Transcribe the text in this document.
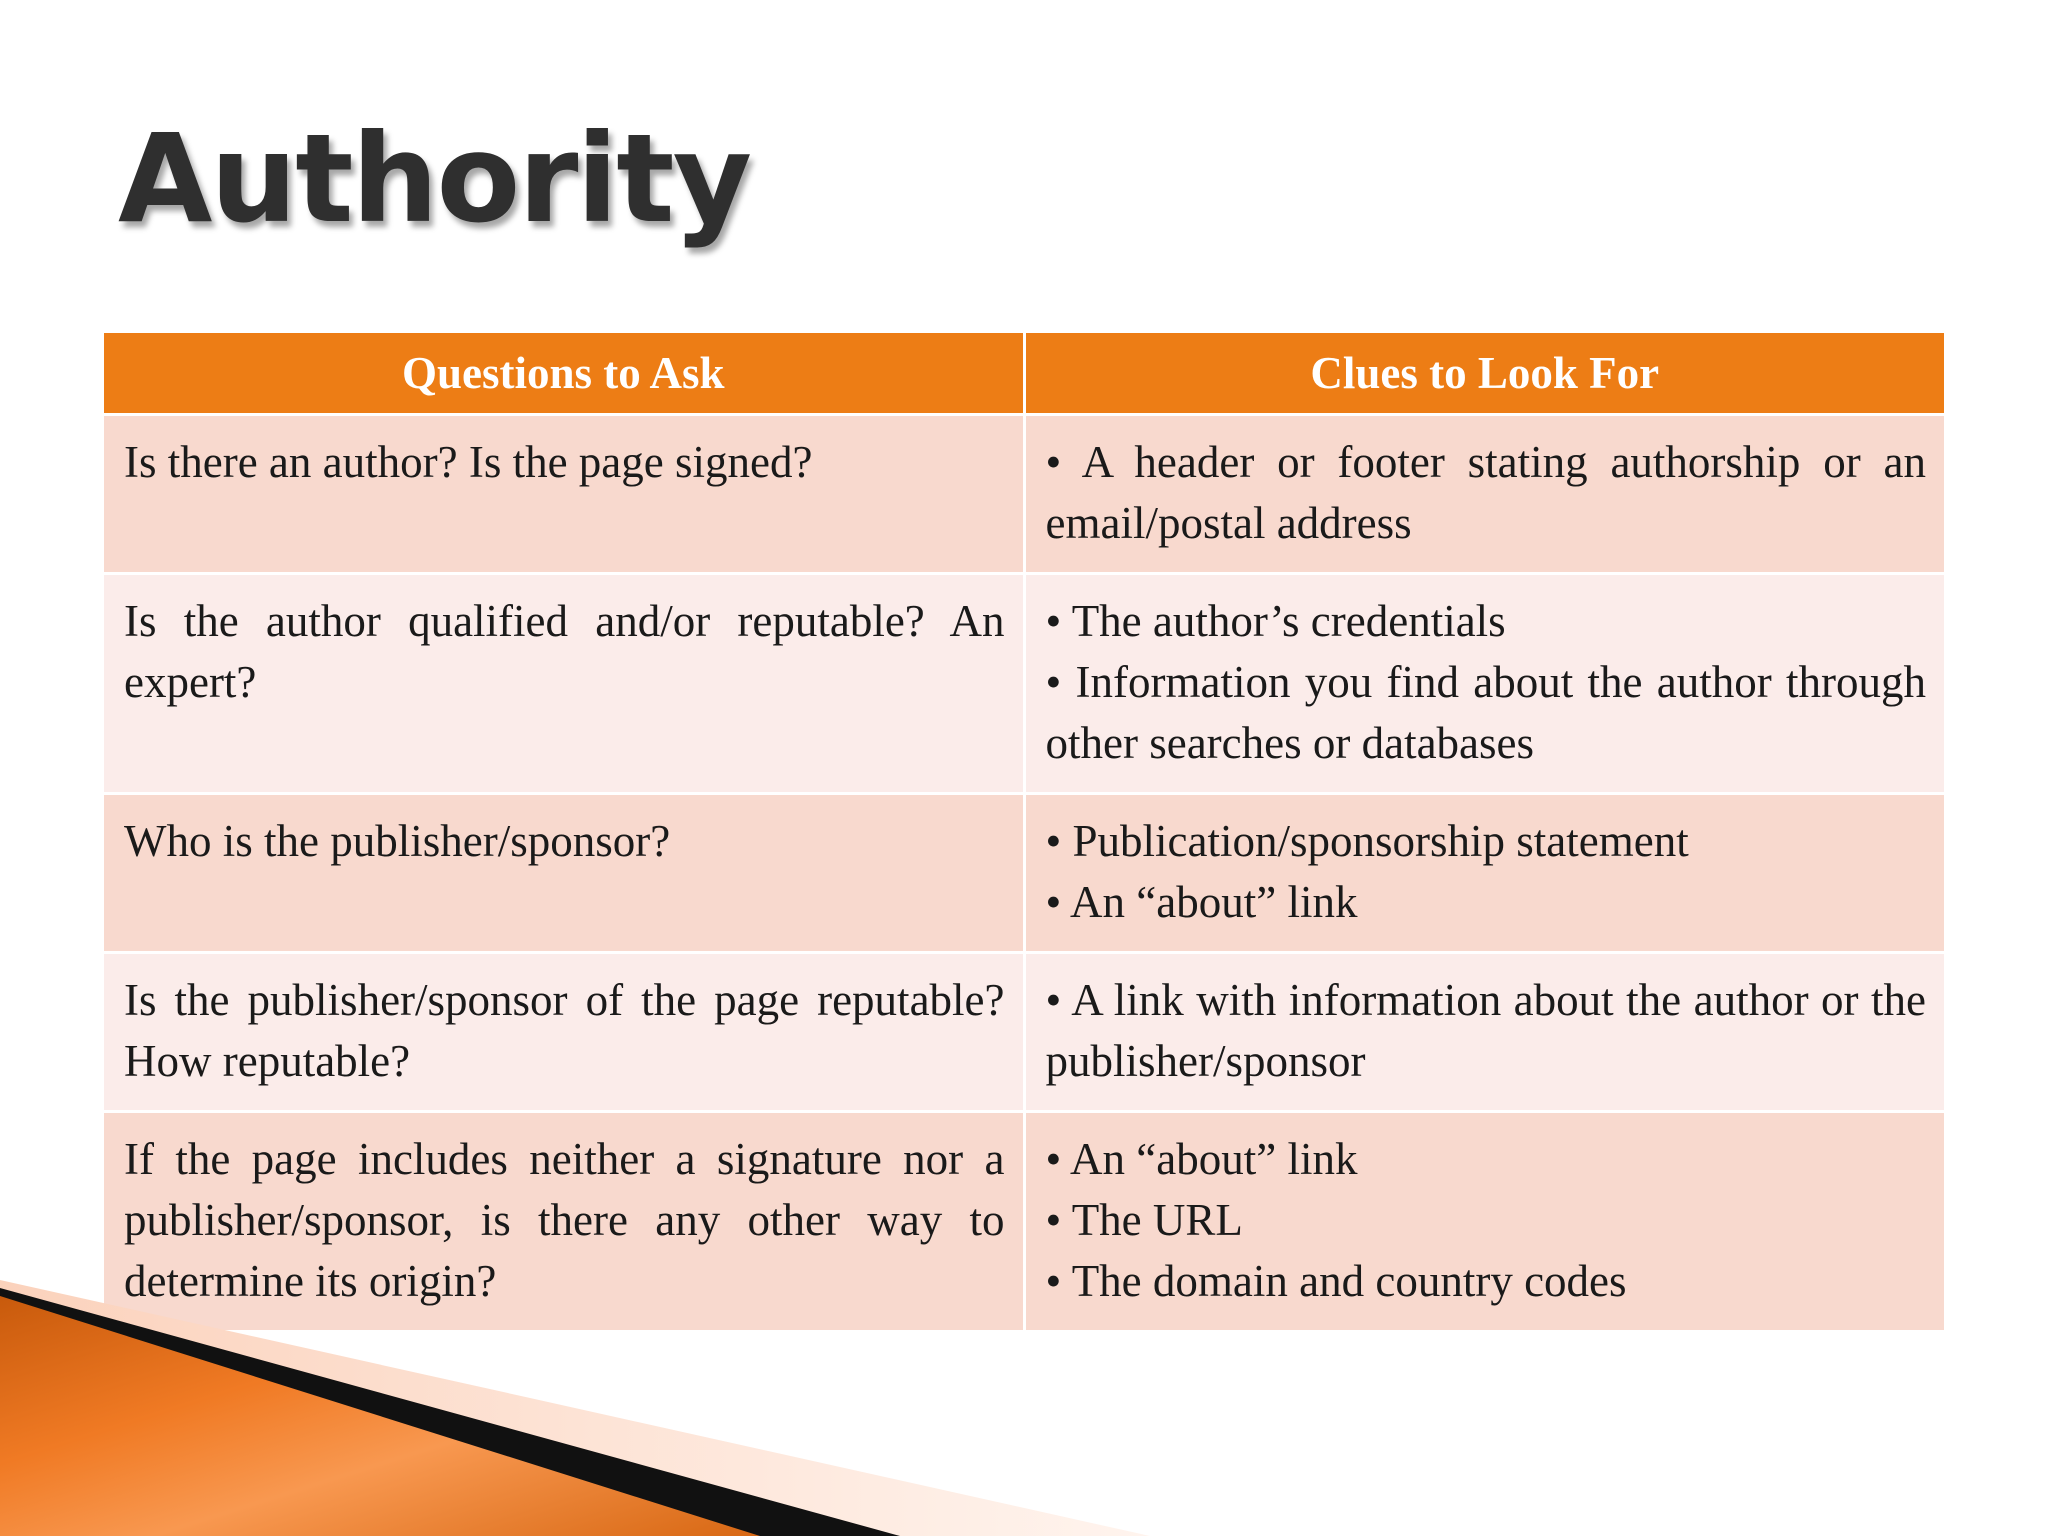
Authority
Questions to Ask	Clues to Look For
Is there an author? Is the page signed?	• A header or footer stating authorship or an email/postal address

Is the author qualified and/or reputable? An expert?	• The author’s credentials
• Information you find about the author through other searches or databases

Who is the publisher/sponsor?	• Publication/sponsorship statement
• An “about” link

Is the publisher/sponsor of the page reputable? How reputable?	• A link with information about the author or the publisher/sponsor

If the page includes neither a signature nor a publisher/sponsor, is there any other way to determine its origin?	• An “about” link
• The URL
• The domain and country codes
